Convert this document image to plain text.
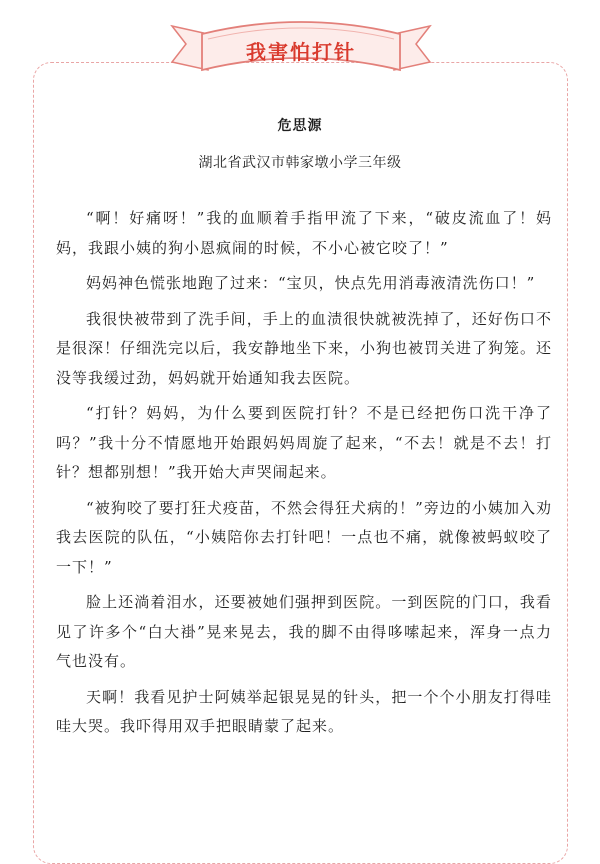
我害怕打针
危思源
湖北省武汉市韩家墩小学三年级

“啊！好痛呀！”我的血顺着手指甲流了下来，“破皮流血了！妈妈，我跟小姨的狗小恩疯闹的时候，不小心被它咬了！”

妈妈神色慌张地跑了过来：“宝贝，快点先用消毒液清洗伤口！”

我很快被带到了洗手间，手上的血渍很快就被洗掉了，还好伤口不是很深！仔细洗完以后，我安静地坐下来，小狗也被罚关进了狗笼。还没等我缓过劲，妈妈就开始通知我去医院。

“打针？妈妈，为什么要到医院打针？不是已经把伤口洗干净了吗？”我十分不情愿地开始跟妈妈周旋了起来，“不去！就是不去！打针？想都别想！”我开始大声哭闹起来。

“被狗咬了要打狂犬疫苗，不然会得狂犬病的！”旁边的小姨加入劝我去医院的队伍，“小姨陪你去打针吧！一点也不痛，就像被蚂蚁咬了一下！”

脸上还淌着泪水，还要被她们强押到医院。一到医院的门口，我看见了许多个“白大褂”晃来晃去，我的脚不由得哆嗦起来，浑身一点力气也没有。

天啊！我看见护士阿姨举起银晃晃的针头，把一个个小朋友打得哇哇大哭。我吓得用双手把眼睛蒙了起来。
